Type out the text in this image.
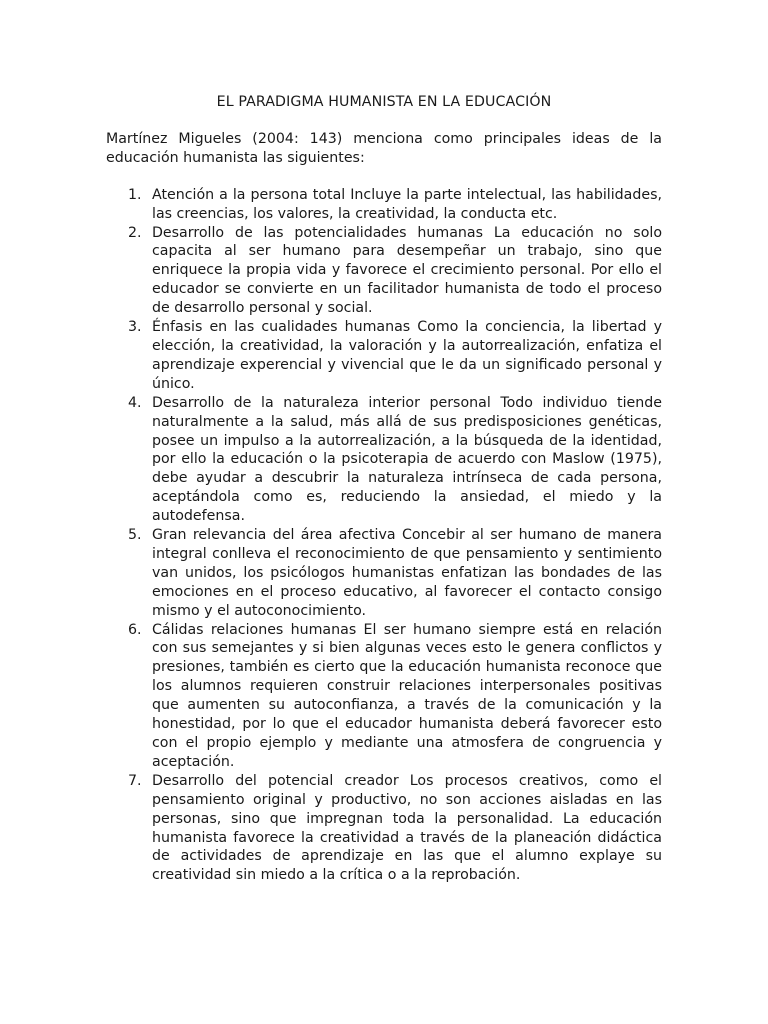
EL PARADIGMA HUMANISTA EN LA EDUCACIÓN

Martínez Migueles (2004: 143) menciona como principales ideas de la educación humanista las siguientes:

1. Atención a la persona total Incluye la parte intelectual, las habilidades, las creencias, los valores, la creatividad, la conducta etc.
2. Desarrollo de las potencialidades humanas La educación no solo capacita al ser humano para desempeñar un trabajo, sino que enriquece la propia vida y favorece el crecimiento personal. Por ello el educador se convierte en un facilitador humanista de todo el proceso de desarrollo personal y social.
3. Énfasis en las cualidades humanas Como la conciencia, la libertad y elección, la creatividad, la valoración y la autorrealización, enfatiza el aprendizaje experencial y vivencial que le da un significado personal y único.
4. Desarrollo de la naturaleza interior personal Todo individuo tiende naturalmente a la salud, más allá de sus predisposiciones genéticas, posee un impulso a la autorrealización, a la búsqueda de la identidad, por ello la educación o la psicoterapia de acuerdo con Maslow (1975), debe ayudar a descubrir la naturaleza intrínseca de cada persona, aceptándola como es, reduciendo la ansiedad, el miedo y la autodefensa.
5. Gran relevancia del área afectiva Concebir al ser humano de manera integral conlleva el reconocimiento de que pensamiento y sentimiento van unidos, los psicólogos humanistas enfatizan las bondades de las emociones en el proceso educativo, al favorecer el contacto consigo mismo y el autoconocimiento.
6. Cálidas relaciones humanas El ser humano siempre está en relación con sus semejantes y si bien algunas veces esto le genera conflictos y presiones, también es cierto que la educación humanista reconoce que los alumnos requieren construir relaciones interpersonales positivas que aumenten su autoconfianza, a través de la comunicación y la honestidad, por lo que el educador humanista deberá favorecer esto con el propio ejemplo y mediante una atmosfera de congruencia y aceptación.
7. Desarrollo del potencial creador Los procesos creativos, como el pensamiento original y productivo, no son acciones aisladas en las personas, sino que impregnan toda la personalidad. La educación humanista favorece la creatividad a través de la planeación didáctica de actividades de aprendizaje en las que el alumno explaye su creatividad sin miedo a la crítica o a la reprobación.
